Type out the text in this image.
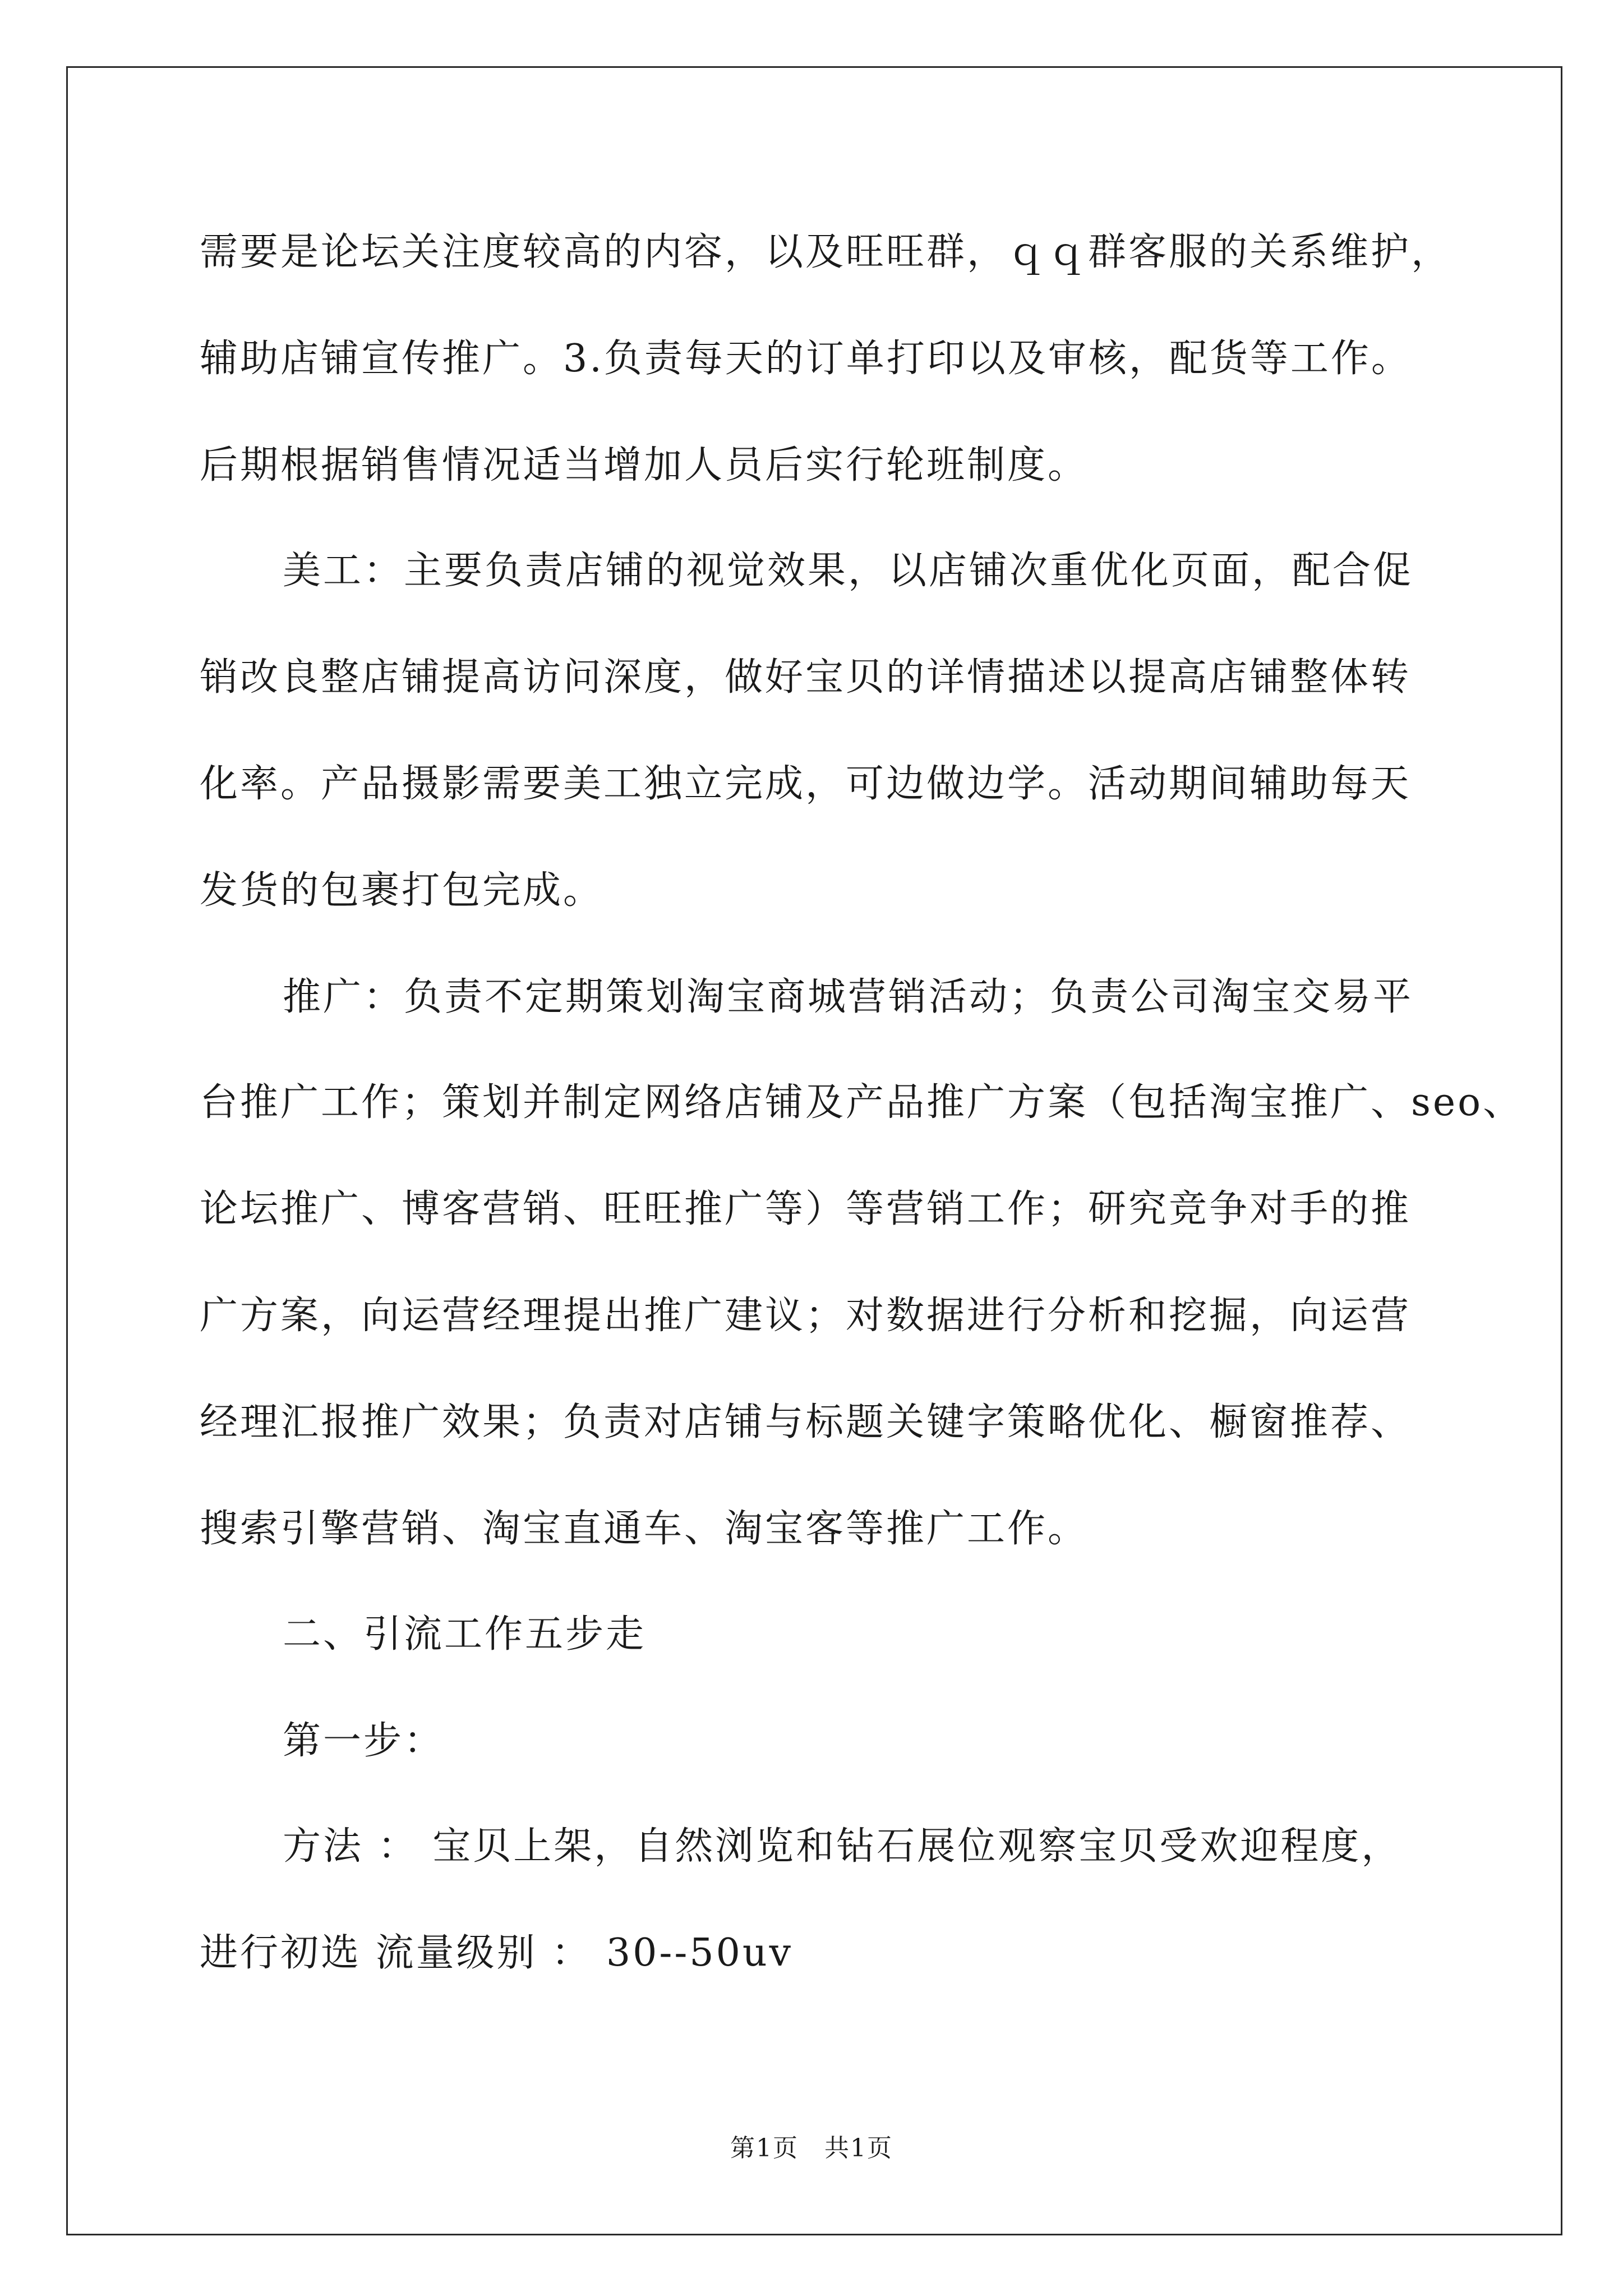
需要是论坛关注度较高的内容，以及旺旺群，ｑｑ群客服的关系维护，
辅助店铺宣传推广。3.负责每天的订单打印以及审核，配货等工作。
后期根据销售情况适当增加人员后实行轮班制度。
美工：主要负责店铺的视觉效果，以店铺次重优化页面，配合促
销改良整店铺提高访问深度，做好宝贝的详情描述以提高店铺整体转
化率。产品摄影需要美工独立完成，可边做边学。活动期间辅助每天
发货的包裹打包完成。
推广：负责不定期策划淘宝商城营销活动；负责公司淘宝交易平
台推广工作；策划并制定网络店铺及产品推广方案（包括淘宝推广、seo、
论坛推广、博客营销、旺旺推广等）等营销工作；研究竞争对手的推
广方案，向运营经理提出推广建议；对数据进行分析和挖掘，向运营
经理汇报推广效果；负责对店铺与标题关键字策略优化、橱窗推荐、
搜索引擎营销、淘宝直通车、淘宝客等推广工作。
二、引流工作五步走
第一步：
方法 ： 宝贝上架，自然浏览和钻石展位观察宝贝受欢迎程度，
进行初选 流量级别 ： 30--50uv
第1页　共1页
